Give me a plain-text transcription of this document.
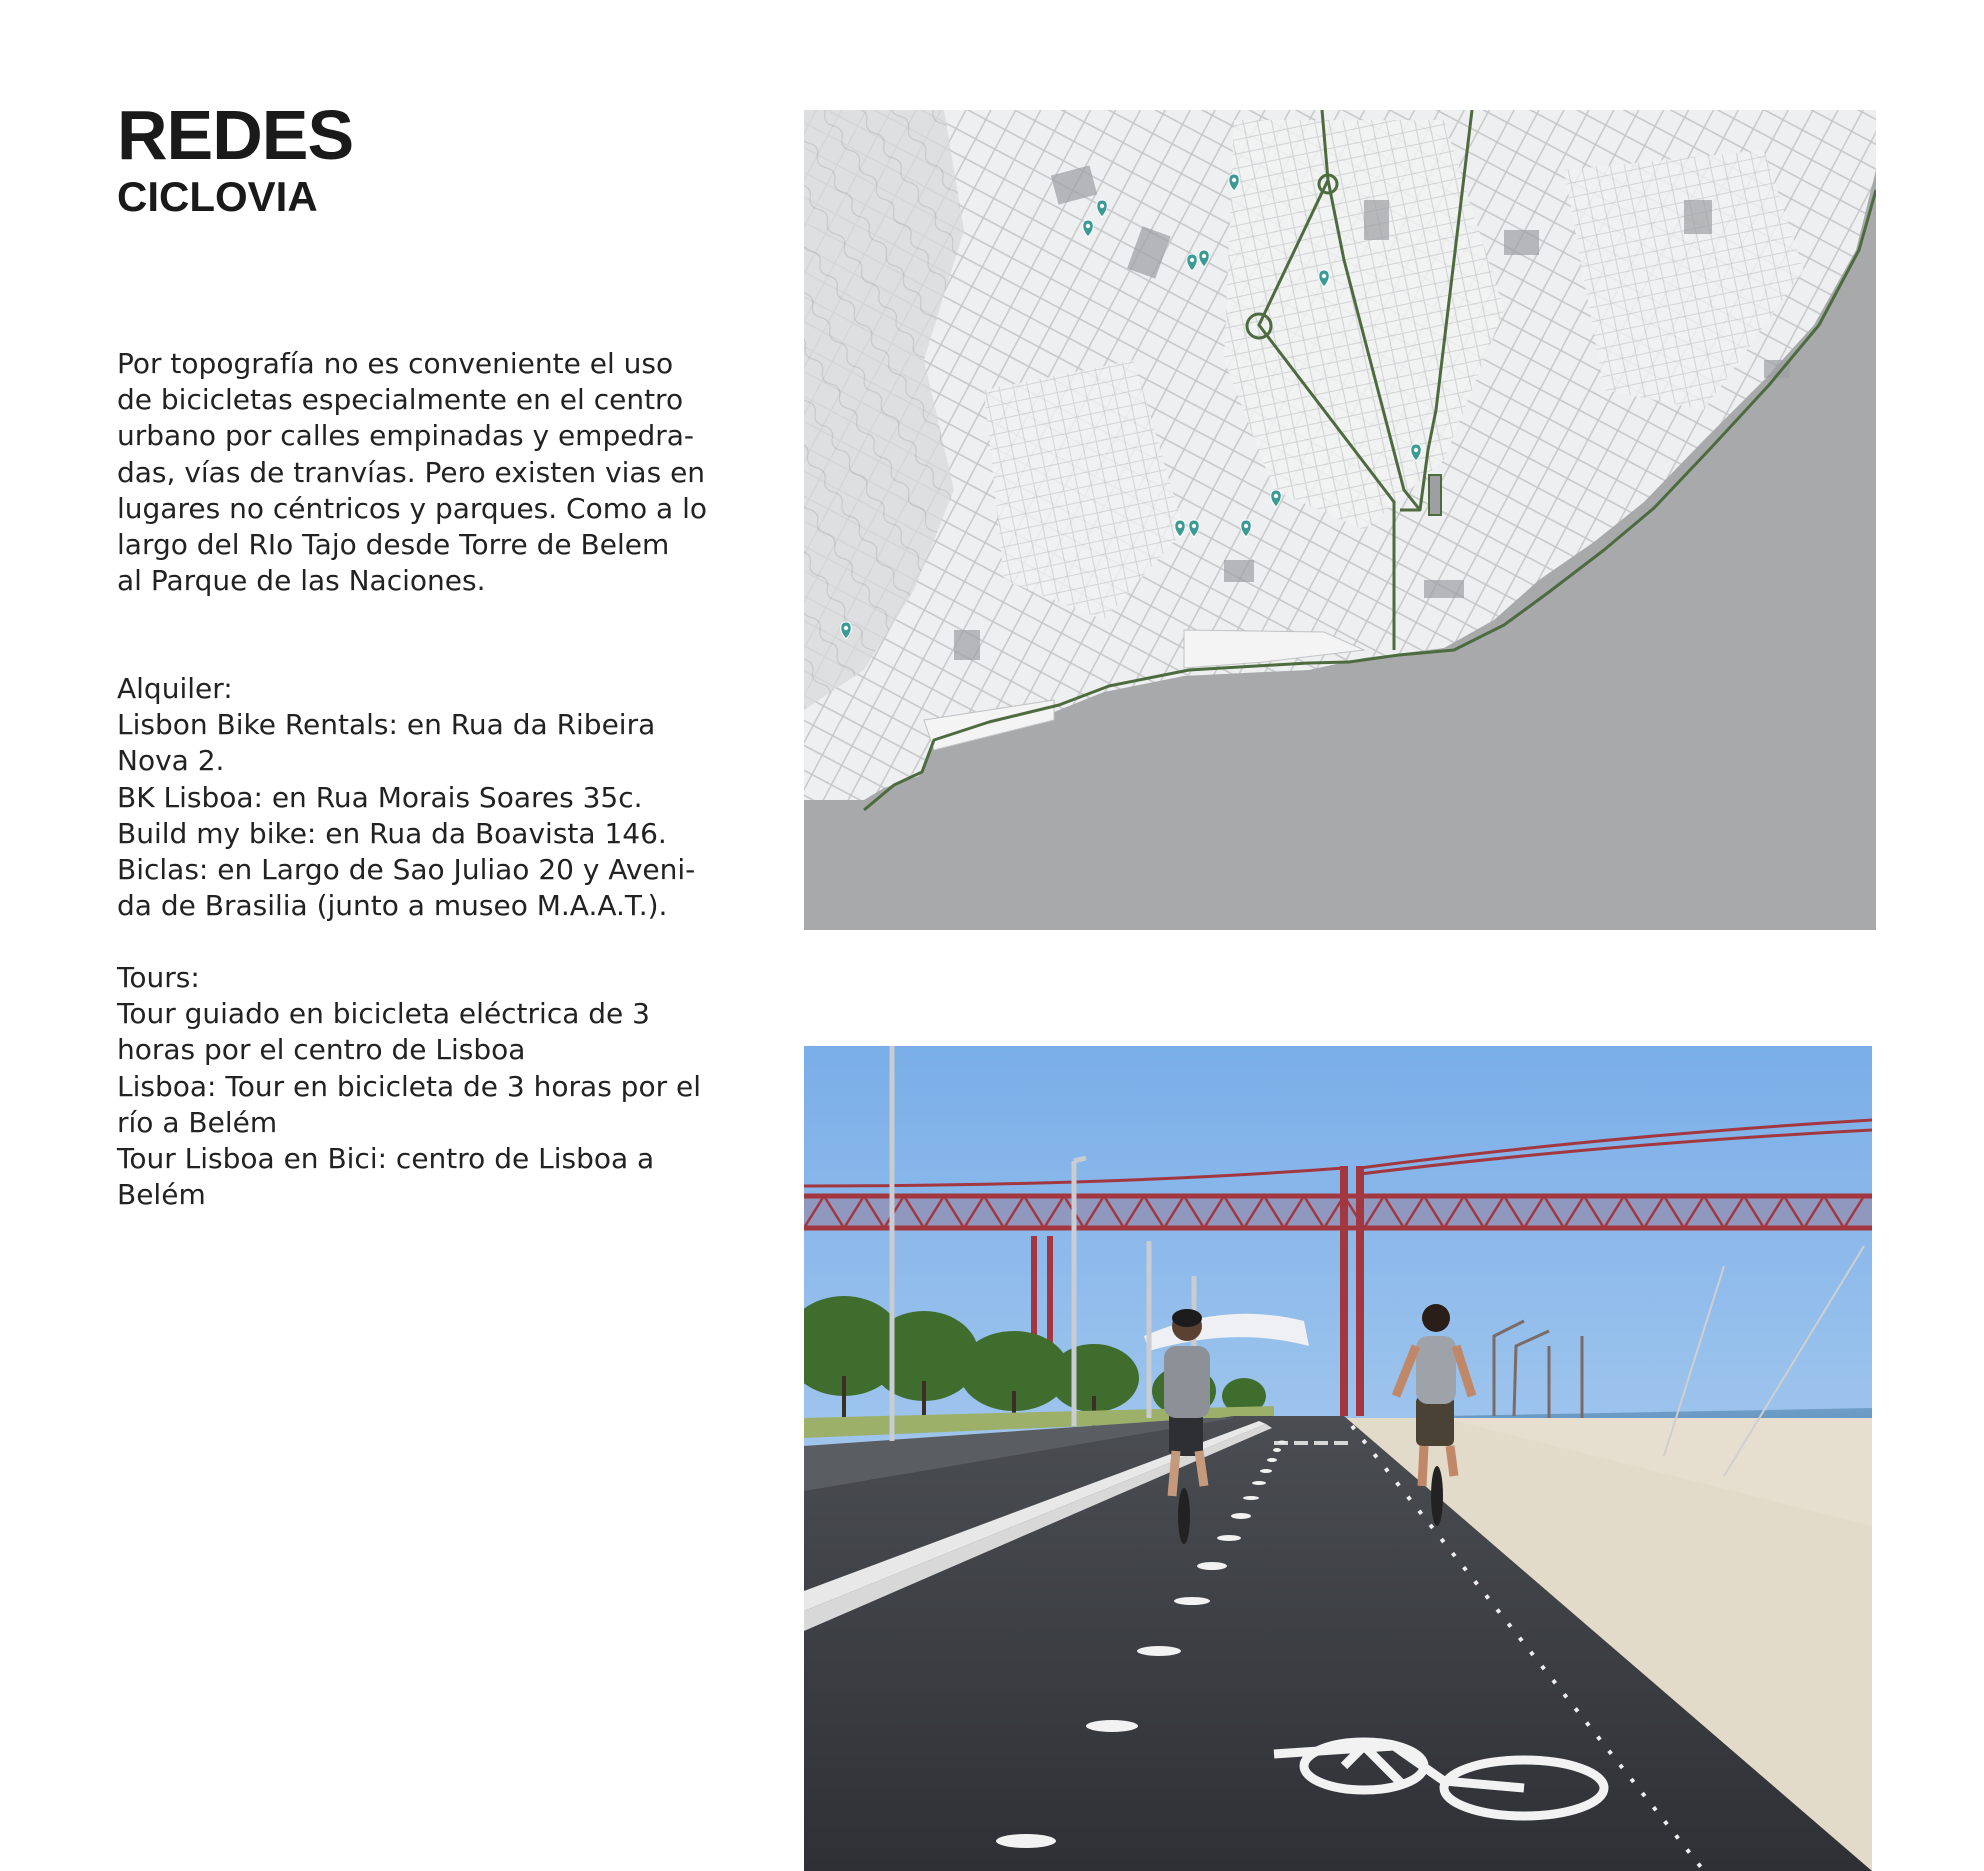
REDES
CICLOVIA

Por topografía no es conveniente el uso

de bicicletas especialmente en el centro

urbano por calles empinadas y empedra-

das, vías de tranvías. Pero existen vias en

lugares no céntricos y parques. Como a lo

largo del RIo Tajo desde Torre de Belem

al Parque de las Naciones.

Alquiler:

Lisbon Bike Rentals: en Rua da Ribeira

Nova 2.

BK Lisboa: en Rua Morais Soares 35c.

Build my bike: en Rua da Boavista 146.

Biclas: en Largo de Sao Juliao 20 y Aveni-

da de Brasilia (junto a museo M.A.A.T.).

Tours:

Tour guiado en bicicleta eléctrica de 3

horas por el centro de Lisboa

Lisboa: Tour en bicicleta de 3 horas por el

río a Belém

Tour Lisboa en Bici: centro de Lisboa a

Belém
